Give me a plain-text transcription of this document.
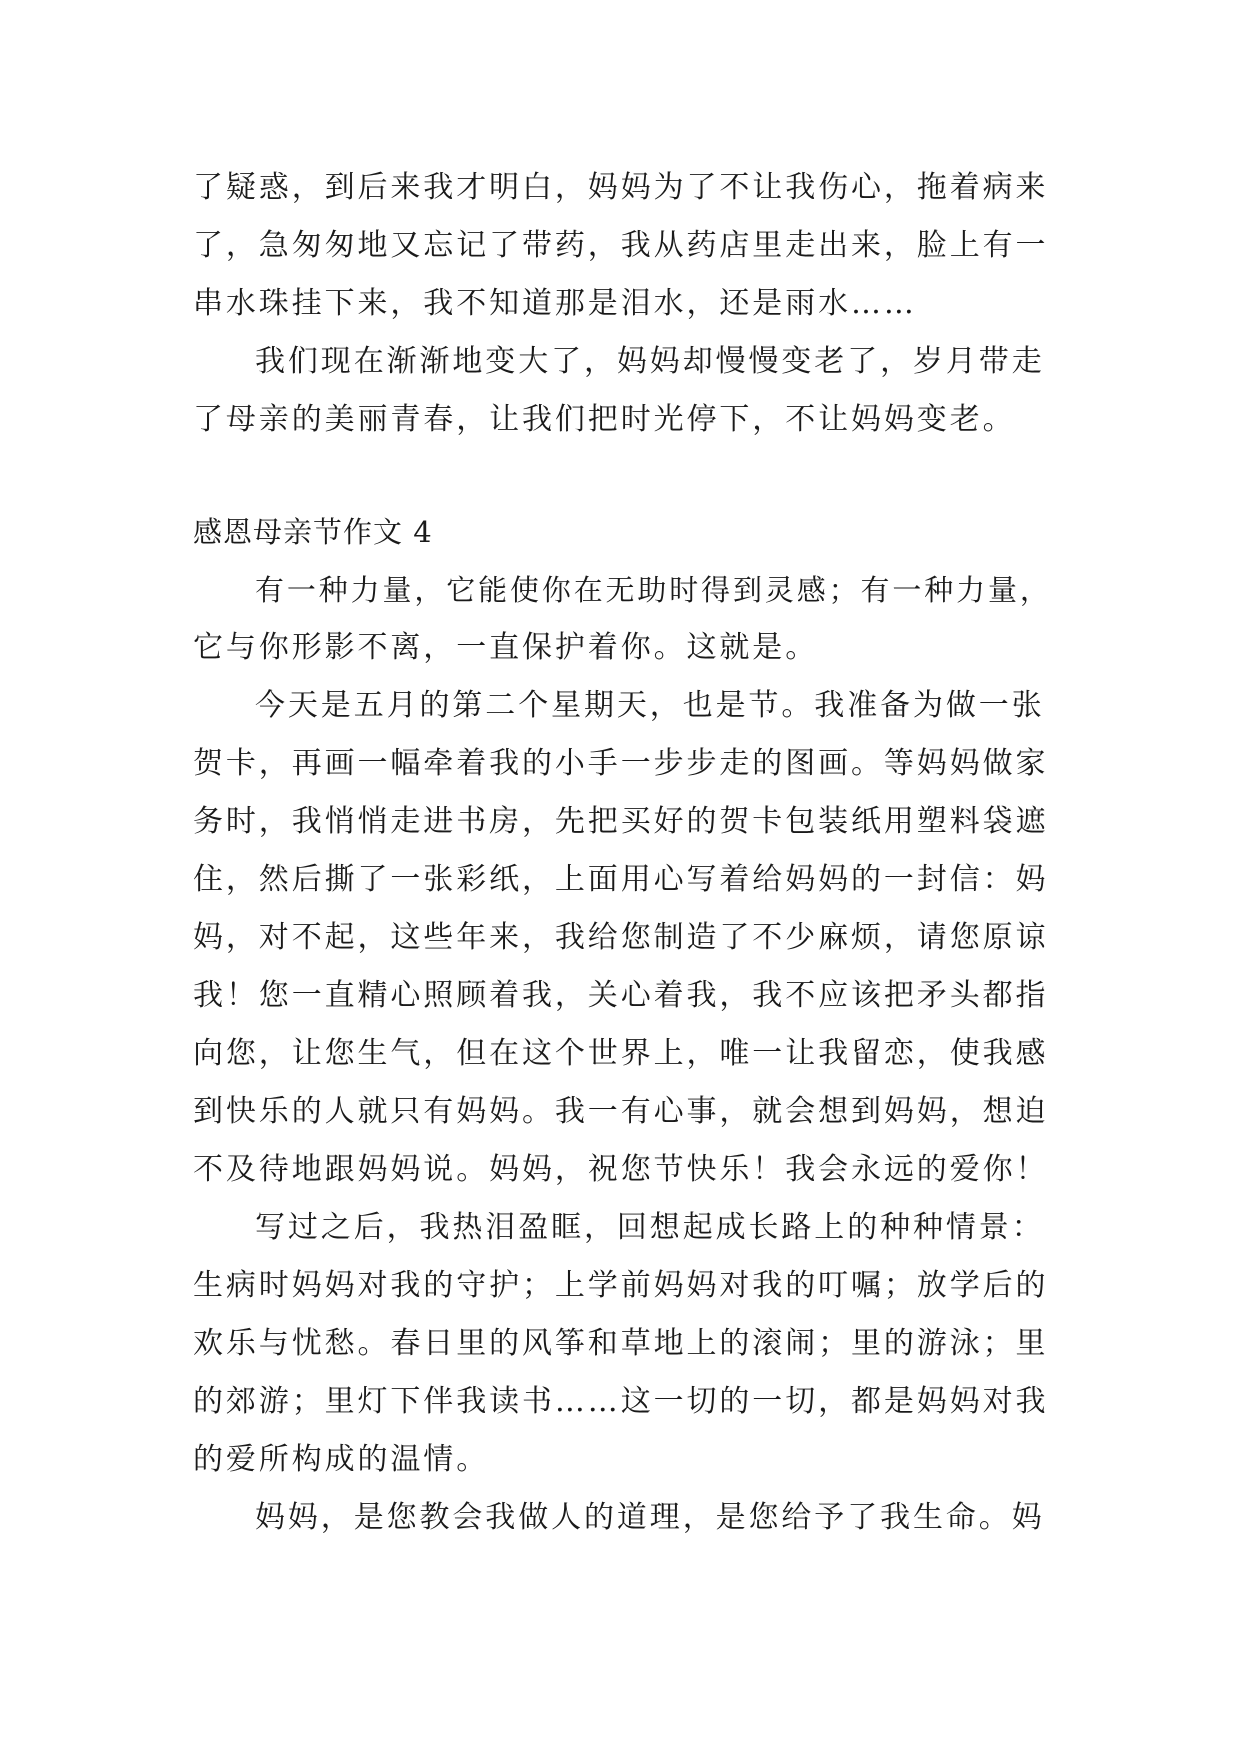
了疑惑，到后来我才明白，妈妈为了不让我伤心，拖着病来
了，急匆匆地又忘记了带药，我从药店里走出来，脸上有一
串水珠挂下来，我不知道那是泪水，还是雨水……
我们现在渐渐地变大了，妈妈却慢慢变老了，岁月带走
了母亲的美丽青春，让我们把时光停下，不让妈妈变老。
感恩母亲节作文 4
有一种力量，它能使你在无助时得到灵感；有一种力量，
它与你形影不离，一直保护着你。这就是。
今天是五月的第二个星期天，也是节。我准备为做一张
贺卡，再画一幅牵着我的小手一步步走的图画。等妈妈做家
务时，我悄悄走进书房，先把买好的贺卡包装纸用塑料袋遮
住，然后撕了一张彩纸，上面用心写着给妈妈的一封信：妈
妈，对不起，这些年来，我给您制造了不少麻烦，请您原谅
我！您一直精心照顾着我，关心着我，我不应该把矛头都指
向您，让您生气，但在这个世界上，唯一让我留恋，使我感
到快乐的人就只有妈妈。我一有心事，就会想到妈妈，想迫
不及待地跟妈妈说。妈妈，祝您节快乐！我会永远的爱你！
写过之后，我热泪盈眶，回想起成长路上的种种情景：
生病时妈妈对我的守护；上学前妈妈对我的叮嘱；放学后的
欢乐与忧愁。春日里的风筝和草地上的滚闹；里的游泳；里
的郊游；里灯下伴我读书……这一切的一切，都是妈妈对我
的爱所构成的温情。
妈妈，是您教会我做人的道理，是您给予了我生命。妈
